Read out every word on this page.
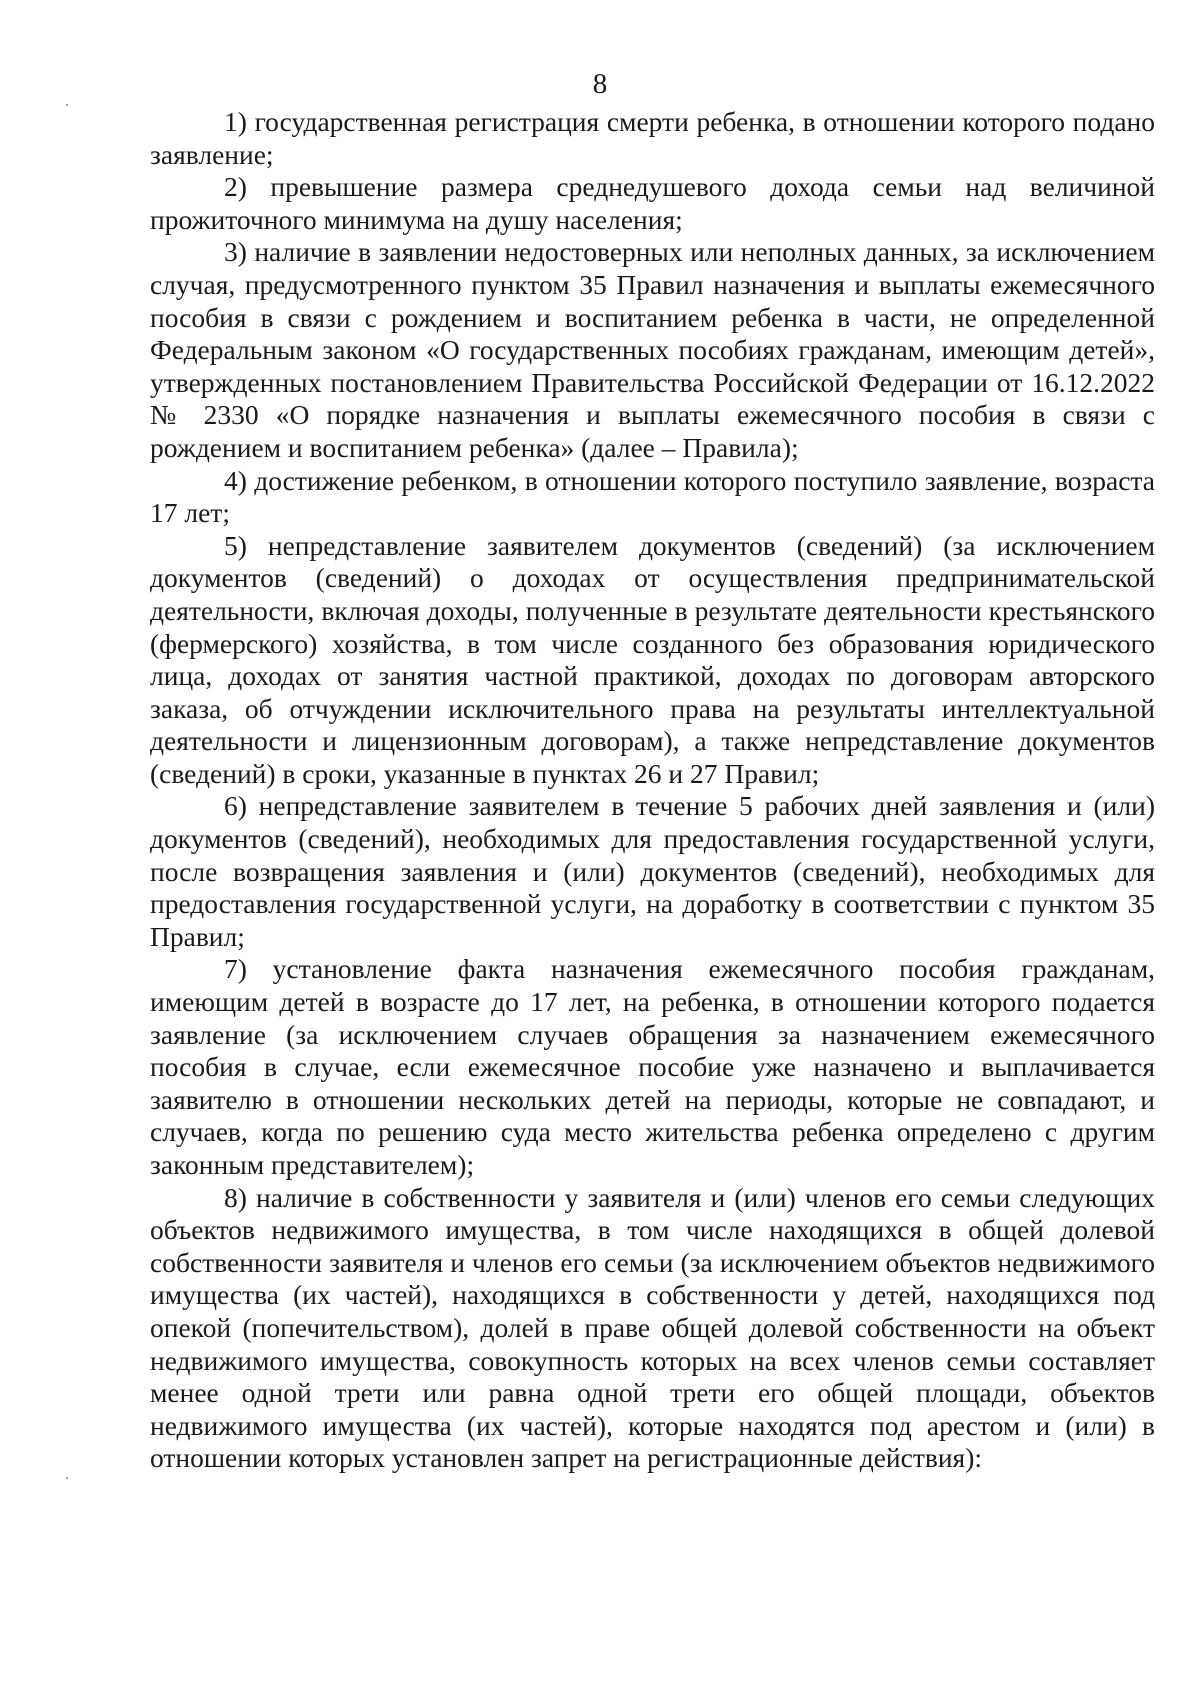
8

1) государственная регистрация смерти ребенка, в отношении которого подано заявление;

2) превышение размера среднедушевого дохода семьи над величиной прожиточного минимума на душу населения;

3) наличие в заявлении недостоверных или неполных данных, за исключением случая, предусмотренного пунктом 35 Правил назначения и выплаты ежемесячного пособия в связи с рождением и воспитанием ребенка в части, не определенной Федеральным законом «О государственных пособиях гражданам, имеющим детей», утвержденных постановлением Правительства Российской Федерации от 16.12.2022 № 2330 «О порядке назначения и выплаты ежемесячного пособия в связи с рождением и воспитанием ребенка» (далее – Правила);

4) достижение ребенком, в отношении которого поступило заявление, возраста 17 лет;

5) непредставление заявителем документов (сведений) (за исключением документов (сведений) о доходах от осуществления предпринимательской деятельности, включая доходы, полученные в результате деятельности крестьянского (фермерского) хозяйства, в том числе созданного без образования юридического лица, доходах от занятия частной практикой, доходах по договорам авторского заказа, об отчуждении исключительного права на результаты интеллектуальной деятельности и лицензионным договорам), а также непредставление документов (сведений) в сроки, указанные в пунктах 26 и 27 Правил;

6) непредставление заявителем в течение 5 рабочих дней заявления и (или) документов (сведений), необходимых для предоставления государственной услуги, после возвращения заявления и (или) документов (сведений), необходимых для предоставления государственной услуги, на доработку в соответствии с пунктом 35 Правил;

7) установление факта назначения ежемесячного пособия гражданам, имеющим детей в возрасте до 17 лет, на ребенка, в отношении которого подается заявление (за исключением случаев обращения за назначением ежемесячного пособия в случае, если ежемесячное пособие уже назначено и выплачивается заявителю в отношении нескольких детей на периоды, которые не совпадают, и случаев, когда по решению суда место жительства ребенка определено с другим законным представителем);

8) наличие в собственности у заявителя и (или) членов его семьи следующих объектов недвижимого имущества, в том числе находящихся в общей долевой собственности заявителя и членов его семьи (за исключением объектов недвижимого имущества (их частей), находящихся в собственности у детей, находящихся под опекой (попечительством), долей в праве общей долевой собственности на объект недвижимого имущества, совокупность которых на всех членов семьи составляет менее одной трети или равна одной трети его общей площади, объектов недвижимого имущества (их частей), которые находятся под арестом и (или) в отношении которых установлен запрет на регистрационные действия):
